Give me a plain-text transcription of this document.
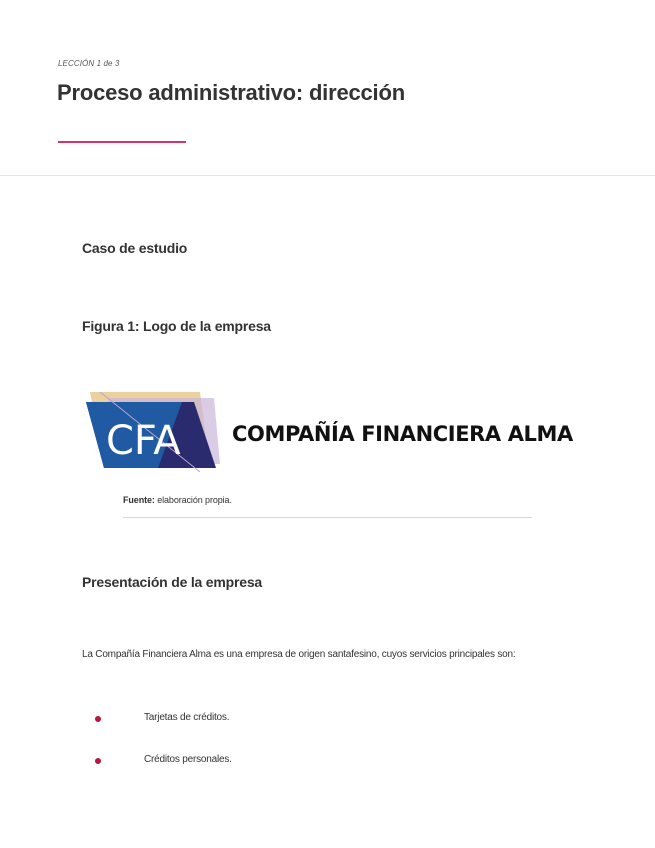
LECCIÓN 1 de 3
Proceso administrativo: dirección
Caso de estudio
Figura 1: Logo de la empresa
CFA COMPAÑÍA FINANCIERA ALMA
Fuente: elaboración propia.
Presentación de la empresa
La Compañía Financiera Alma es una empresa de origen santafesino, cuyos servicios principales son:
Tarjetas de créditos.
Créditos personales.
